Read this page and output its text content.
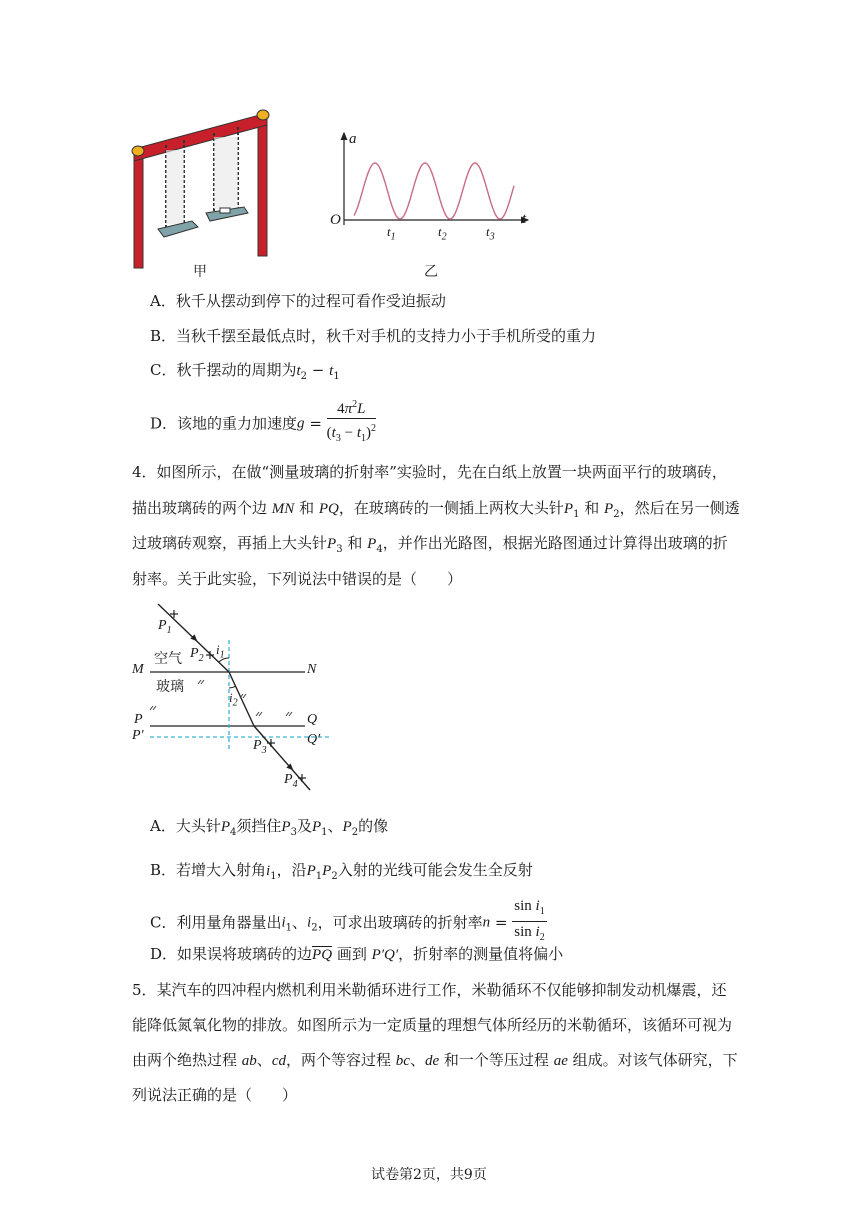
a
t
O
$t_1$	$t_2$	$t_3$
甲	乙
A．秋千从摆动到停下的过程可看作受迫振动
B．当秋千摆至最低点时，秋千对手机的支持力小于手机所受的重力
C．秋千摆动的周期为$t_2 - t_1$
D．该地的重力加速度$g = \frac{4\pi^2L}{(t_3 - t_1)^2}$
4．如图所示，在做“测量玻璃的折射率”实验时，先在白纸上放置一块两面平行的玻璃砖，
描出玻璃砖的两个边 MN 和 PQ，在玻璃砖的一侧插上两枚大头针$P_1$ 和 $P_2$，然后在另一侧透
过玻璃砖观察，再插上大头针$P_3$ 和 $P_4$，并作出光路图，根据光路图通过计算得出玻璃的折
射率。关于此实验，下列说法中错误的是（　　）
$P_1$
$P_2$
$i_1$
空气
M	N
玻璃
$i_2$
P	Q
P′	Q′
$P_3$
$P_4$
A．大头针$P_4$须挡住$P_3$及$P_1$、$P_2$的像
B．若增大入射角$i_1$，沿$P_1P_2$入射的光线可能会发生全反射
C．利用量角器量出$i_1$、$i_2$，可求出玻璃砖的折射率$n = \frac{\sin i_1}{\sin i_2}$
D．如果误将玻璃砖的边$\overline{PQ}$ 画到 P′Q′，折射率的测量值将偏小
5．某汽车的四冲程内燃机利用米勒循环进行工作，米勒循环不仅能够抑制发动机爆震，还
能降低氮氧化物的排放。如图所示为一定质量的理想气体所经历的米勒循环，该循环可视为
由两个绝热过程 ab、cd，两个等容过程 bc、de 和一个等压过程 ae 组成。对该气体研究，下
列说法正确的是（　　）
试卷第2页，共9页
